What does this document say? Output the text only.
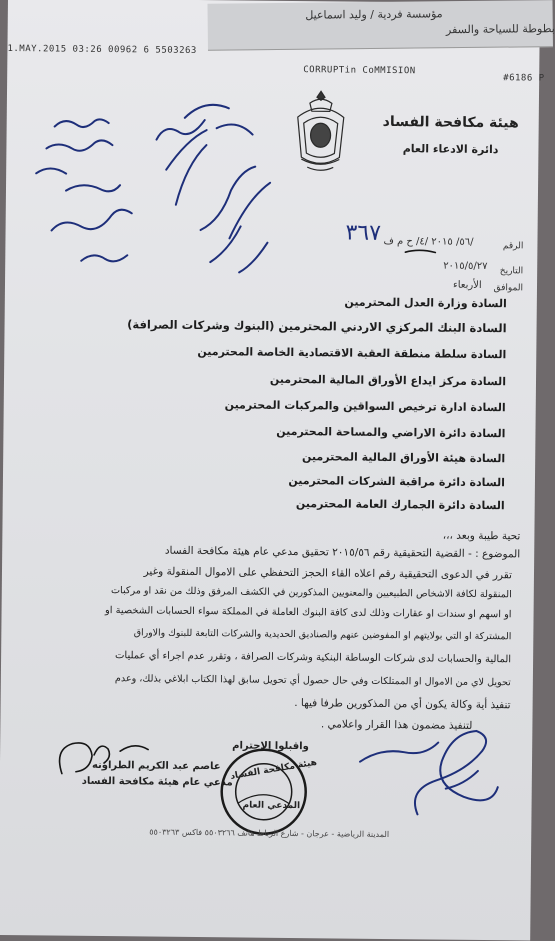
مؤسسة فردية / وليد اسماعيل
بطوطة للسياحة والسفر
1.MAY.2015 03:26 00962 6 5503263
CORRUPTin CoMMISION
#6186 P
هيئة مكافحة الفساد
دائرة الادعاء العام
الرقم
٥٦/ ٢٠١٥ /٤/ ح م ف/
٣٦٧
التاريخ
٢٠١٥/٥/٢٧
الموافق
الأربعاء
السادة وزارة العدل المحترمين
السادة البنك المركزي الاردني المحترمين (البنوك وشركات الصرافة)
السادة سلطة منطقة العقبة الاقتصادية الخاصة المحترمين
السادة مركز ايداع الأوراق المالية المحترمين
السادة ادارة ترخيص السواقين والمركبات المحترمين
السادة دائرة الاراضي والمساحة المحترمين
السادة هيئة الأوراق المالية المحترمين
السادة دائرة مراقبة الشركات المحترمين
السادة دائرة الجمارك العامة المحترمين
تحية طيبة وبعد ،،،
الموضوع : - القضية التحقيقية رقم ٢٠١٥/٥٦ تحقيق مدعي عام هيئة مكافحة الفساد
تقرر في الدعوى التحقيقية رقم اعلاه القاء الحجز التحفظي على الاموال المنقولة وغير
المنقولة لكافة الاشخاص الطبيعيين والمعنويين المذكورين في الكشف المرفق وذلك من نقد او مركبات
او اسهم او سندات او عقارات وذلك لدى كافة البنوك العاملة في المملكة سواء الحسابات الشخصية او
المشتركة او التي بولايتهم او المفوضين عنهم والصناديق الحديدية والشركات التابعة للبنوك والاوراق
المالية والحسابات لدى شركات الوساطة البنكية وشركات الصرافة ، وتقرر عدم اجراء أي عمليات
تحويل لاي من الاموال او الممتلكات وفي حال حصول أي تحويل سابق لهذا الكتاب ابلاغي بذلك، وعدم
تنفيذ أية وكالة يكون أي من المذكورين طرفا فيها .
لتنفيذ مضمون هذا القرار واعلامي .
واقبلوا الاحترام
عاصم عبد الكريم الطراونه
مدعي عام هيئة مكافحة الفساد
هيئة مكافحة الفساد
المدعي العام
المدينة الرياضية - عرجان - شارع الرباط هاتف ٥٥٠٣٢٦٦ فاكس ٥٥٠٣٢٦٣
